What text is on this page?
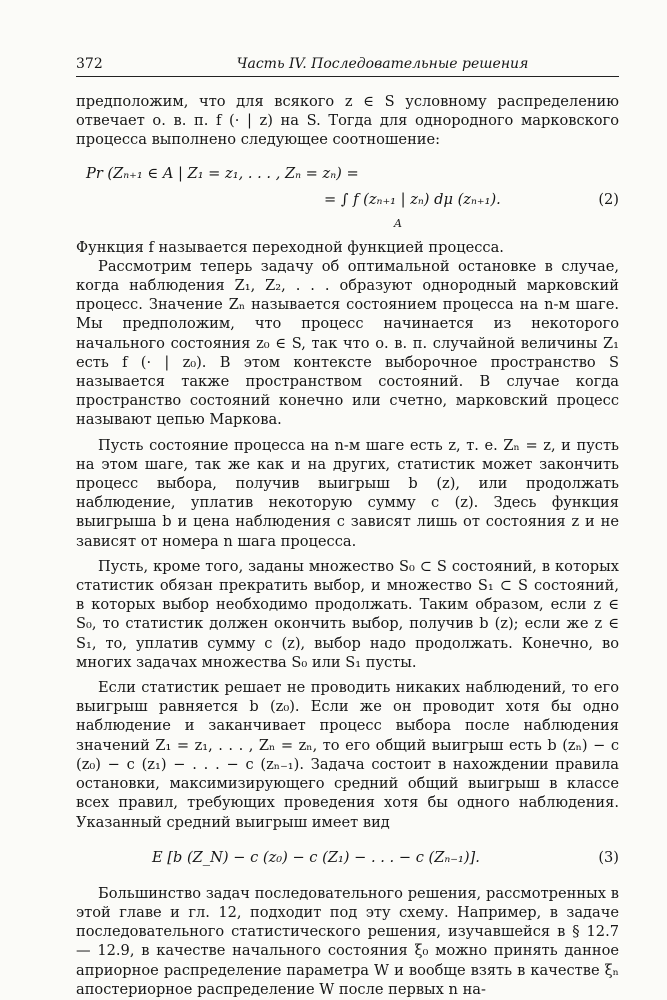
372	Часть IV. Последовательные решения

предположим, что для всякого z ∈ S условному распределению отвечает о. в. п. f (· | z) на S. Тогда для однородного марковского процесса выполнено следующее соотношение:

Pr (Zₙ₊₁ ∈ A | Z₁ = z₁, . . . , Zₙ = zₙ) =
= ∫ f (zₙ₊₁ | zₙ) dμ (zₙ₊₁).
A
(2)

Функция f называется переходной функцией процесса.

Рассмотрим теперь задачу об оптимальной остановке в случае, когда наблюдения Z₁, Z₂, . . . образуют однородный марковский процесс. Значение Zₙ называется состоянием процесса на n-м шаге. Мы предположим, что процесс начинается из некоторого начального состояния z₀ ∈ S, так что о. в. п. случайной величины Z₁ есть f (· | z₀). В этом контексте выборочное пространство S называется также пространством состояний. В случае когда пространство состояний конечно или счетно, марковский процесс называют цепью Маркова.

Пусть состояние процесса на n-м шаге есть z, т. е. Zₙ = z, и пусть на этом шаге, так же как и на других, статистик может закончить процесс выбора, получив выигрыш b (z), или продолжать наблюдение, уплатив некоторую сумму c (z). Здесь функция выигрыша b и цена наблюдения c зависят лишь от состояния z и не зависят от номера n шага процесса.

Пусть, кроме того, заданы множество S₀ ⊂ S состояний, в которых статистик обязан прекратить выбор, и множество S₁ ⊂ S состояний, в которых выбор необходимо продолжать. Таким образом, если z ∈ S₀, то статистик должен окончить выбор, получив b (z); если же z ∈ S₁, то, уплатив сумму c (z), выбор надо продолжать. Конечно, во многих задачах множества S₀ или S₁ пусты.

Если статистик решает не проводить никаких наблюдений, то его выигрыш равняется b (z₀). Если же он проводит хотя бы одно наблюдение и заканчивает процесс выбора после наблюдения значений Z₁ = z₁, . . . , Zₙ = zₙ, то его общий выигрыш есть b (zₙ) − c (z₀) − c (z₁) − . . . − c (zₙ₋₁). Задача состоит в нахождении правила остановки, максимизирующего средний общий выигрыш в классе всех правил, требующих проведения хотя бы одного наблюдения. Указанный средний выигрыш имеет вид

E [b (Z_N) − c (z₀) − c (Z₁) − . . . − c (Zₙ₋₁)].	(3)

Большинство задач последовательного решения, рассмотренных в этой главе и гл. 12, подходит под эту схему. Например, в задаче последовательного статистического решения, изучавшейся в § 12.7 — 12.9, в качестве начального состояния ξ₀ можно принять данное априорное распределение параметра W и вообще взять в качестве ξₙ апостериорное распределение W после первых n на-
